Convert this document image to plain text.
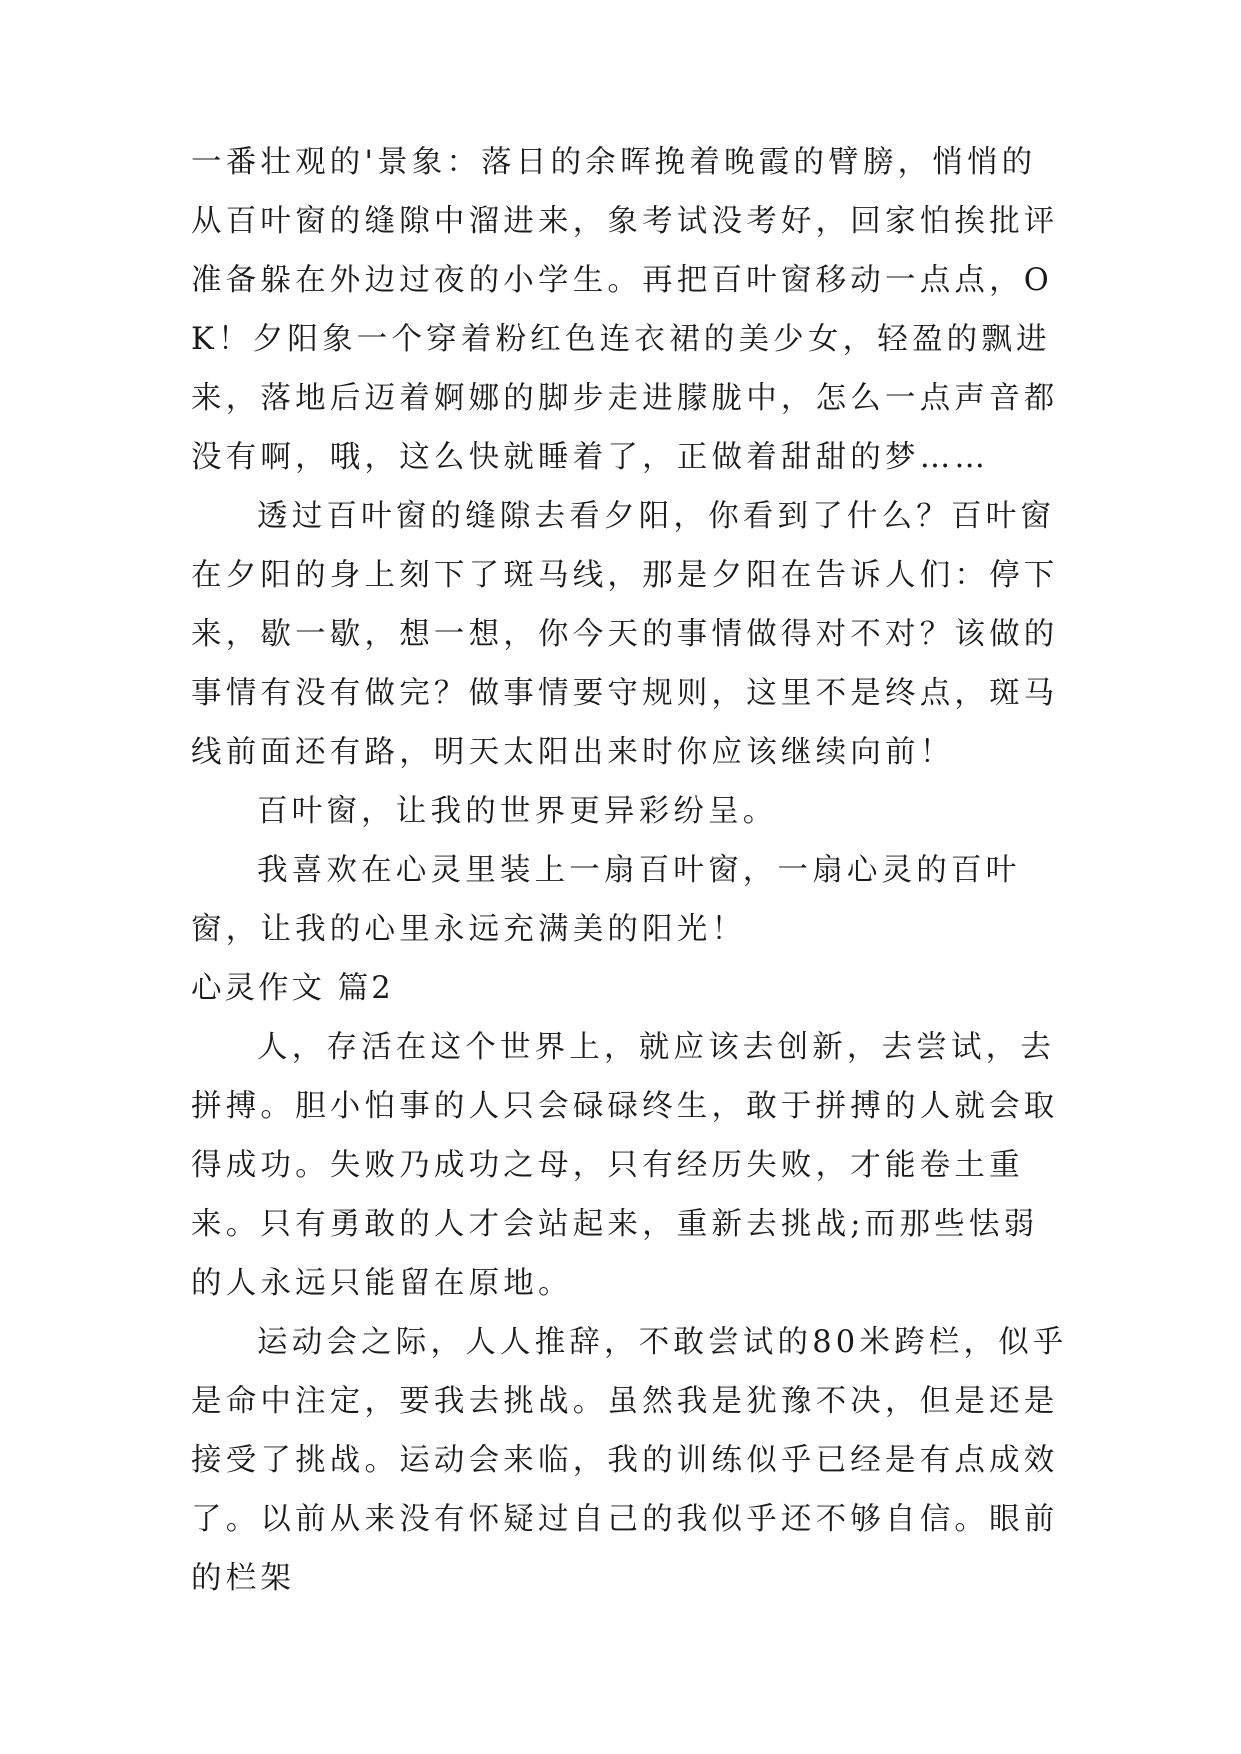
一番壮观的'景象：落日的余晖挽着晚霞的臂膀，悄悄的从百叶窗的缝隙中溜进来，象考试没考好，回家怕挨批评准备躲在外边过夜的小学生。再把百叶窗移动一点点，OK！夕阳象一个穿着粉红色连衣裙的美少女，轻盈的飘进来，落地后迈着婀娜的脚步走进朦胧中，怎么一点声音都没有啊，哦，这么快就睡着了，正做着甜甜的梦……

透过百叶窗的缝隙去看夕阳，你看到了什么？百叶窗在夕阳的身上刻下了斑马线，那是夕阳在告诉人们：停下来，歇一歇，想一想，你今天的事情做得对不对？该做的事情有没有做完？做事情要守规则，这里不是终点，斑马线前面还有路，明天太阳出来时你应该继续向前！

百叶窗，让我的世界更异彩纷呈。

我喜欢在心灵里装上一扇百叶窗，一扇心灵的百叶窗，让我的心里永远充满美的阳光！

心灵作文 篇2

人，存活在这个世界上，就应该去创新，去尝试，去拼搏。胆小怕事的人只会碌碌终生，敢于拼搏的人就会取得成功。失败乃成功之母，只有经历失败，才能卷土重来。只有勇敢的人才会站起来，重新去挑战;而那些怯弱的人永远只能留在原地。

运动会之际，人人推辞，不敢尝试的80米跨栏，似乎是命中注定，要我去挑战。虽然我是犹豫不决，但是还是接受了挑战。运动会来临，我的训练似乎已经是有点成效了。以前从来没有怀疑过自己的我似乎还不够自信。眼前的栏架
